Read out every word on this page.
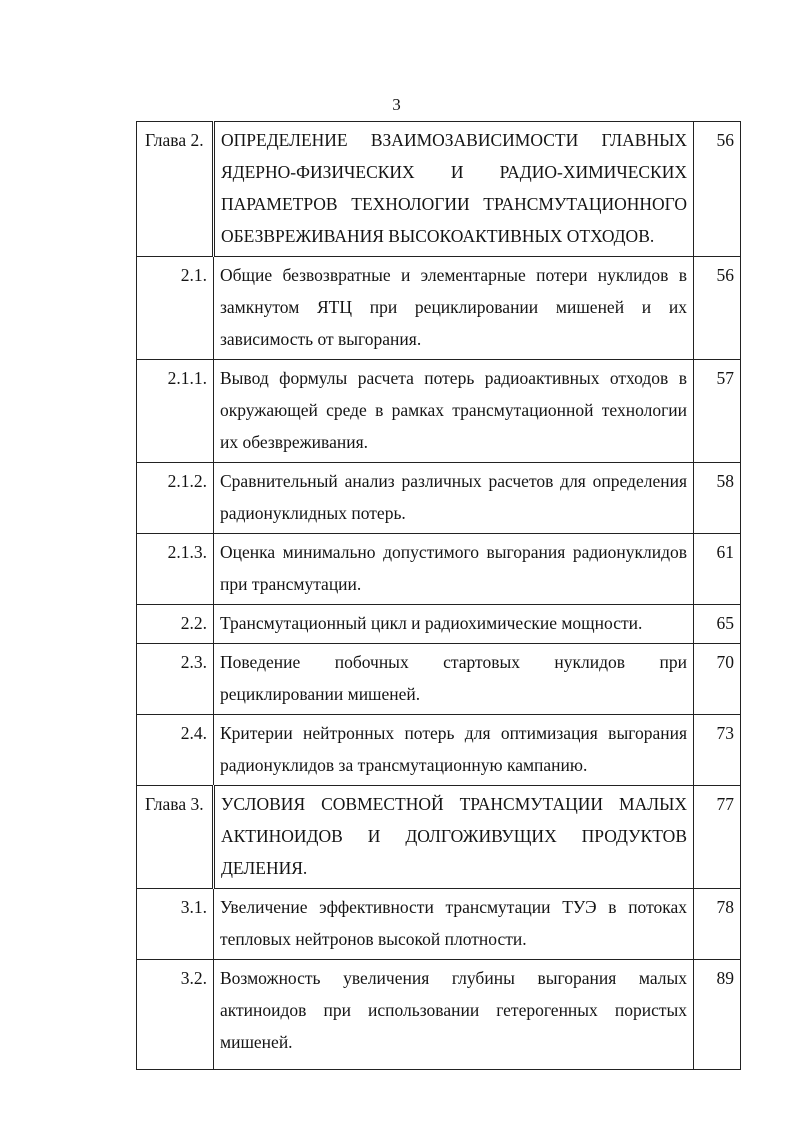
3
Глава 2.	ОПРЕДЕЛЕНИЕ ВЗАИМОЗАВИСИМОСТИ ГЛАВНЫХ ЯДЕРНО-ФИЗИЧЕСКИХ И РАДИО-ХИМИЧЕСКИХ ПАРАМЕТРОВ ТЕХНОЛОГИИ ТРАНСМУТАЦИОННОГО ОБЕЗВРЕЖИВАНИЯ ВЫСОКОАКТИВНЫХ ОТХОДОВ.	56

2.1.	Общие безвозвратные и элементарные потери нуклидов в замкнутом ЯТЦ при рециклировании мишеней и их зависимость от выгорания.	56

2.1.1.	Вывод формулы расчета потерь радиоактивных отходов в окружающей среде в рамках трансмутационной технологии их обезвреживания.	57

2.1.2.	Сравнительный анализ различных расчетов для определения радионуклидных потерь.	58

2.1.3.	Оценка минимально допустимого выгорания радионуклидов при трансмутации.	61

2.2.	Трансмутационный цикл и радиохимические мощности.	65

2.3.	Поведение побочных стартовых нуклидов при рециклировании мишеней.	70

2.4.	Критерии нейтронных потерь для оптимизация выгорания радионуклидов за трансмутационную кампанию.	73

Глава 3.	УСЛОВИЯ СОВМЕСТНОЙ ТРАНСМУТАЦИИ МАЛЫХ АКТИНОИДОВ И ДОЛГОЖИВУЩИХ ПРОДУКТОВ ДЕЛЕНИЯ.	77

3.1.	Увеличение эффективности трансмутации ТУЭ в потоках тепловых нейтронов высокой плотности.	78

3.2.	Возможность увеличения глубины выгорания малых актиноидов при использовании гетерогенных пористых мишеней.	89
